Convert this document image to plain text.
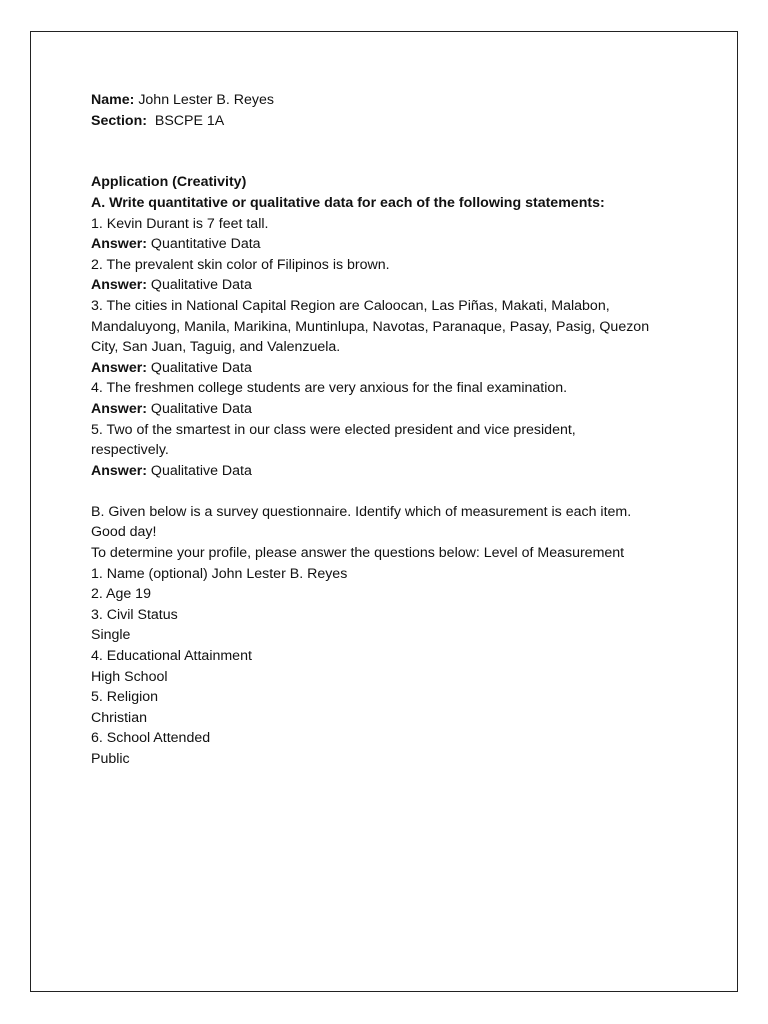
Name: John Lester B. Reyes
Section:  BSCPE 1A
Application (Creativity)
A. Write quantitative or qualitative data for each of the following statements:
1. Kevin Durant is 7 feet tall.
Answer: Quantitative Data
2. The prevalent skin color of Filipinos is brown.
Answer: Qualitative Data
3. The cities in National Capital Region are Caloocan, Las Piñas, Makati, Malabon, Mandaluyong, Manila, Marikina, Muntinlupa, Navotas, Paranaque, Pasay, Pasig, Quezon City, San Juan, Taguig, and Valenzuela.
Answer: Qualitative Data
4. The freshmen college students are very anxious for the final examination.
Answer: Qualitative Data
5. Two of the smartest in our class were elected president and vice president, respectively.
Answer: Qualitative Data
B. Given below is a survey questionnaire. Identify which of measurement is each item.
Good day!
To determine your profile, please answer the questions below: Level of Measurement
1. Name (optional) John Lester B. Reyes
2. Age 19
3. Civil Status
Single
4. Educational Attainment
High School
5. Religion
Christian
6. School Attended
Public
